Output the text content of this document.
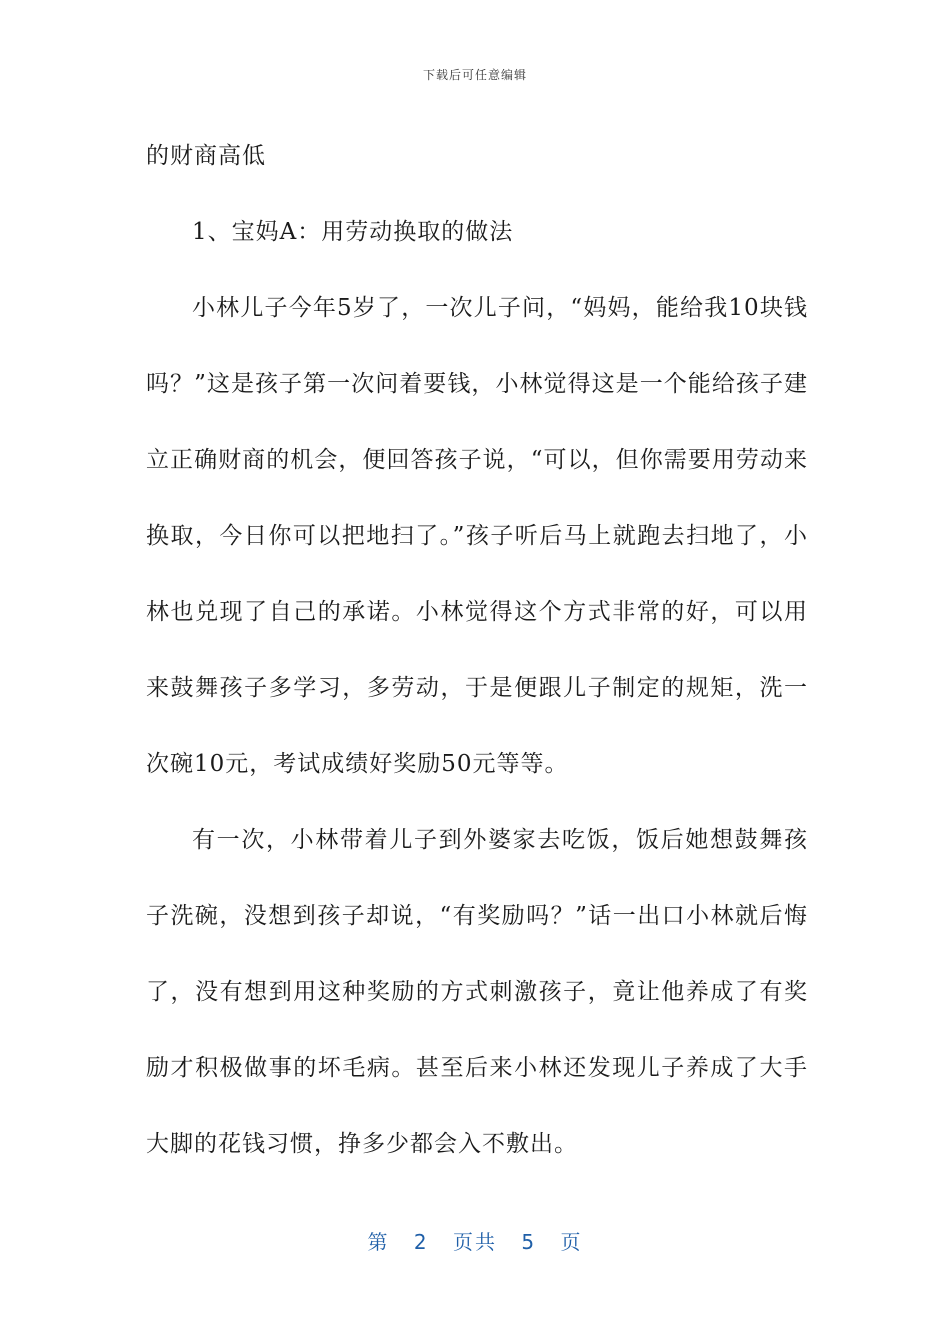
下载后可任意编辑

的财商高低

1、宝妈A：用劳动换取的做法

小林儿子今年5岁了，一次儿子问，“妈妈，能给我10块钱吗？”这是孩子第一次问着要钱，小林觉得这是一个能给孩子建立正确财商的机会，便回答孩子说，“可以，但你需要用劳动来换取，今日你可以把地扫了。”孩子听后马上就跑去扫地了，小林也兑现了自己的承诺。小林觉得这个方式非常的好，可以用来鼓舞孩子多学习，多劳动，于是便跟儿子制定的规矩，洗一次碗10元，考试成绩好奖励50元等等。

有一次，小林带着儿子到外婆家去吃饭，饭后她想鼓舞孩子洗碗，没想到孩子却说，“有奖励吗？”话一出口小林就后悔了，没有想到用这种奖励的方式刺激孩子，竟让他养成了有奖励才积极做事的坏毛病。甚至后来小林还发现儿子养成了大手大脚的花钱习惯，挣多少都会入不敷出。

第 2 页共 5 页
